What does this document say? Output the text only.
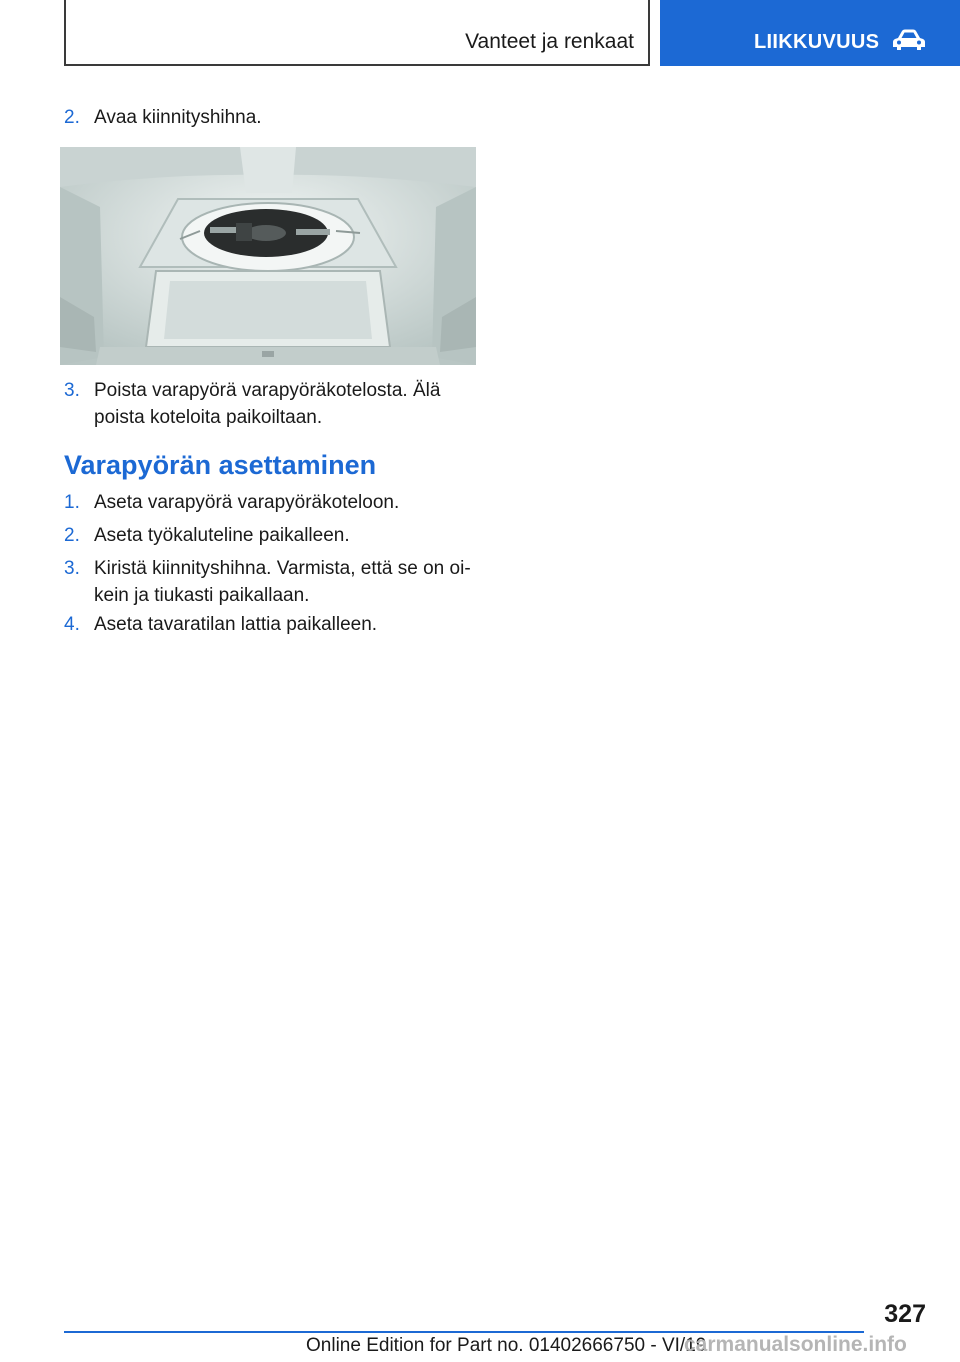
Vanteet ja renkaat	LIIKKUVUUS
2. Avaa kiinnityshihna.
3. Poista varapyörä varapyöräkotelosta. Älä poista koteloita paikoiltaan.
Varapyörän asettaminen
1. Aseta varapyörä varapyöräkoteloon.
2. Aseta työkaluteline paikalleen.
3. Kiristä kiinnityshihna. Varmista, että se on oi- kein ja tiukasti paikallaan.
4. Aseta tavaratilan lattia paikalleen.
327
Online Edition for Part no. 01402666750 - VI/19
carmanualsonline.info
